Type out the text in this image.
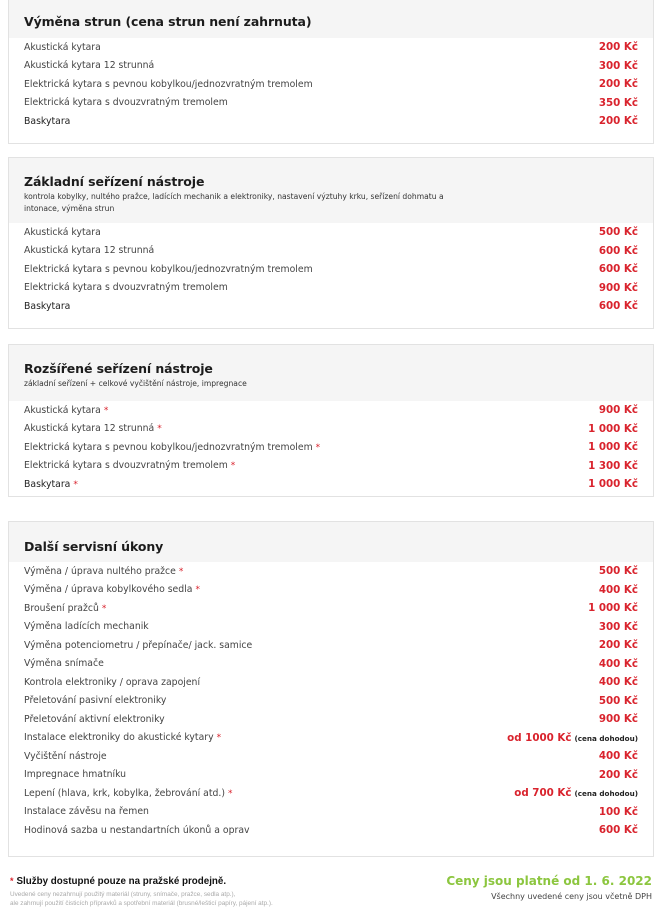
Výměna strun (cena strun není zahrnuta)
Akustická kytara	200 Kč
Akustická kytara 12 strunná	300 Kč
Elektrická kytara s pevnou kobylkou/jednozvratným tremolem	200 Kč
Elektrická kytara s dvouzvratným tremolem	350 Kč
Baskytara	200 Kč
Základní seřízení nástroje
kontrola kobylky, nultého pražce, ladících mechanik a elektroniky, nastavení výztuhy krku, seřízení dohmatu a intonace, výměna strun
Akustická kytara	500 Kč
Akustická kytara 12 strunná	600 Kč
Elektrická kytara s pevnou kobylkou/jednozvratným tremolem	600 Kč
Elektrická kytara s dvouzvratným tremolem	900 Kč
Baskytara	600 Kč
Rozšířené seřízení nástroje
základní seřízení + celkové vyčištění nástroje, impregnace
Akustická kytara *	900 Kč
Akustická kytara 12 strunná *	1 000 Kč
Elektrická kytara s pevnou kobylkou/jednozvratným tremolem *	1 000 Kč
Elektrická kytara s dvouzvratným tremolem *	1 300 Kč
Baskytara *	1 000 Kč
Další servisní úkony
Výměna / úprava nultého pražce *	500 Kč
Výměna / úprava kobylkového sedla *	400 Kč
Broušení pražců *	1 000 Kč
Výměna ladících mechanik	300 Kč
Výměna potenciometru / přepínače/ jack. samice	200 Kč
Výměna snímače	400 Kč
Kontrola elektroniky / oprava zapojení	400 Kč
Přeletování pasivní elektroniky	500 Kč
Přeletování aktivní elektroniky	900 Kč
Instalace elektroniky do akustické kytary *	od 1000 Kč (cena dohodou)
Vyčištění nástroje	400 Kč
Impregnace hmatníku	200 Kč
Lepení (hlava, krk, kobylka, žebrování atd.) *	od 700 Kč (cena dohodou)
Instalace závěsu na řemen	100 Kč
Hodinová sazba u nestandartních úkonů a oprav	600 Kč
* Služby dostupné pouze na pražské prodejně.
Uvedené ceny nezahrnují použitý materiál (struny, snímače, pražce, sedla atp.),
ale zahrnují použití čisticích přípravků a spotřební materiál (brusné/lešticí papíry, pájení atp.).
Ceny jsou platné od 1. 6. 2022
Všechny uvedené ceny jsou včetně DPH
